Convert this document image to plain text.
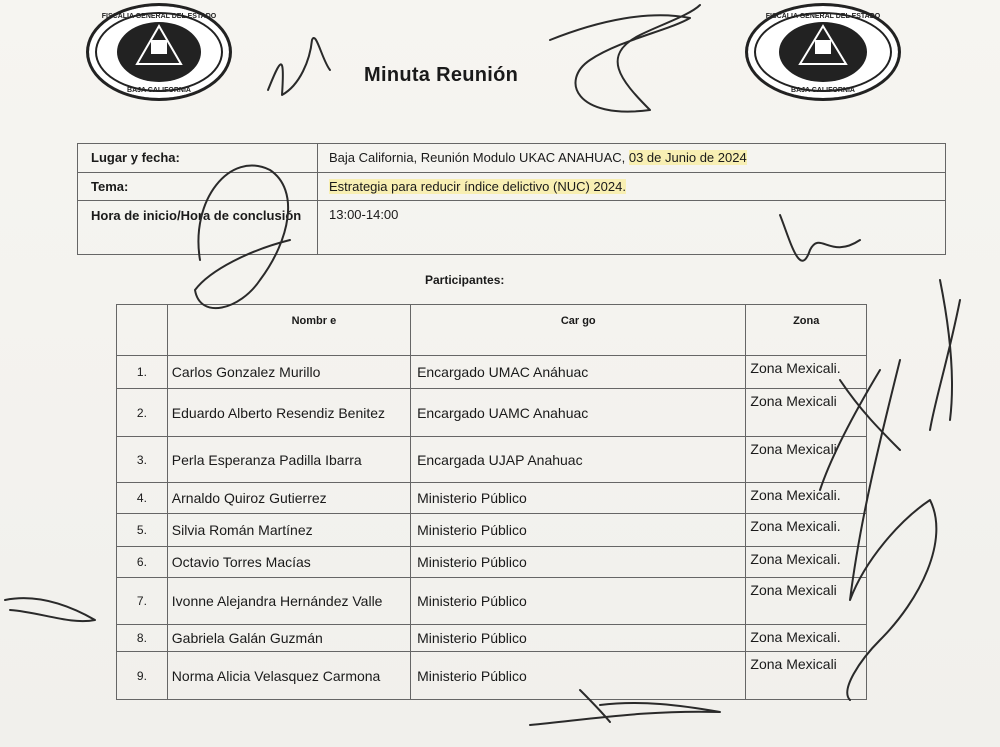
FISCALIA GENERAL DEL ESTADO
BAJA CALIFORNIA
FISCALIA GENERAL DEL ESTADO
BAJA CALIFORNIA
Minuta Reunión
Lugar y fecha:	Baja California, Reunión Modulo UKAC ANAHUAC, 03 de Junio de 2024
Tema:	Estrategia para reducir índice delictivo (NUC) 2024.
Hora de inicio/Hora de conclusión	13:00-14:00
Participantes:
	Nombr e	Car go	Zona
1.	Carlos Gonzalez Murillo	Encargado UMAC Anáhuac	Zona Mexicali.
2.	Eduardo Alberto Resendiz Benitez	Encargado UAMC Anahuac	Zona Mexicali
3.	Perla Esperanza Padilla Ibarra	Encargada UJAP Anahuac	Zona Mexicali
4.	Arnaldo Quiroz Gutierrez	Ministerio Público	Zona Mexicali.
5.	Silvia Román Martínez	Ministerio Público	Zona Mexicali.
6.	Octavio Torres Macías	Ministerio Público	Zona Mexicali.
7.	Ivonne Alejandra Hernández Valle	Ministerio Público	Zona Mexicali
8.	Gabriela Galán Guzmán	Ministerio Público	Zona Mexicali.
9.	Norma Alicia Velasquez Carmona	Ministerio Público	Zona Mexicali
